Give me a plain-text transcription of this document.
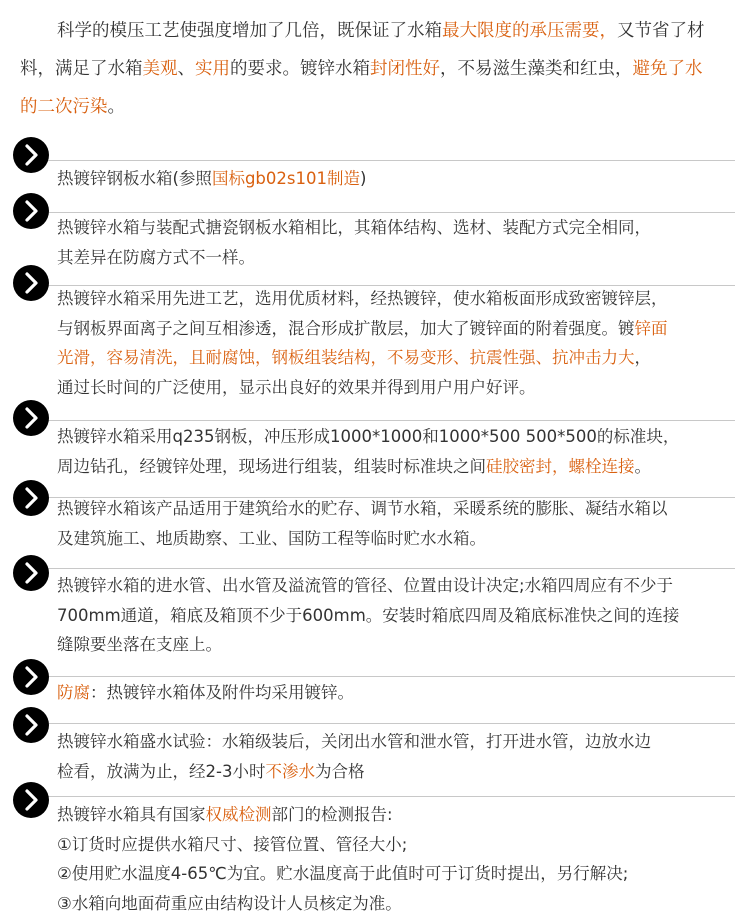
科学的模压工艺使强度增加了几倍，既保证了水箱最大限度的承压需要，又节省了材
料，满足了水箱美观、实用的要求。镀锌水箱封闭性好，不易滋生藻类和红虫，避免了水
的二次污染。
热镀锌钢板水箱(参照国标gb02s101制造)
热镀锌水箱与装配式搪瓷钢板水箱相比，其箱体结构、选材、装配方式完全相同，
其差异在防腐方式不一样。
热镀锌水箱采用先进工艺，选用优质材料，经热镀锌，使水箱板面形成致密镀锌层，
与钢板界面离子之间互相渗透，混合形成扩散层，加大了镀锌面的附着强度。镀锌面
光滑，容易清洗，且耐腐蚀，钢板组装结构，不易变形、抗震性强、抗冲击力大，
通过长时间的广泛使用，显示出良好的效果并得到用户用户好评。
热镀锌水箱采用q235钢板，冲压形成1000*1000和1000*500 500*500的标准块，
周边钻孔，经镀锌处理，现场进行组装，组装时标准块之间硅胶密封，螺栓连接。
热镀锌水箱该产品适用于建筑给水的贮存、调节水箱，采暖系统的膨胀、凝结水箱以
及建筑施工、地质勘察、工业、国防工程等临时贮水水箱。
热镀锌水箱的进水管、出水管及溢流管的管径、位置由设计决定;水箱四周应有不少于
700mm通道，箱底及箱顶不少于600mm。安装时箱底四周及箱底标准快之间的连接
缝隙要坐落在支座上。
防腐：热镀锌水箱体及附件均采用镀锌。
热镀锌水箱盛水试验：水箱级装后，关闭出水管和泄水管，打开进水管，边放水边
检看，放满为止，经2-3小时不渗水为合格
热镀锌水箱具有国家权威检测部门的检测报告:
①订货时应提供水箱尺寸、接管位置、管径大小;
②使用贮水温度4-65℃为宜。贮水温度高于此值时可于订货时提出，另行解决;
③水箱向地面荷重应由结构设计人员核定为准。
